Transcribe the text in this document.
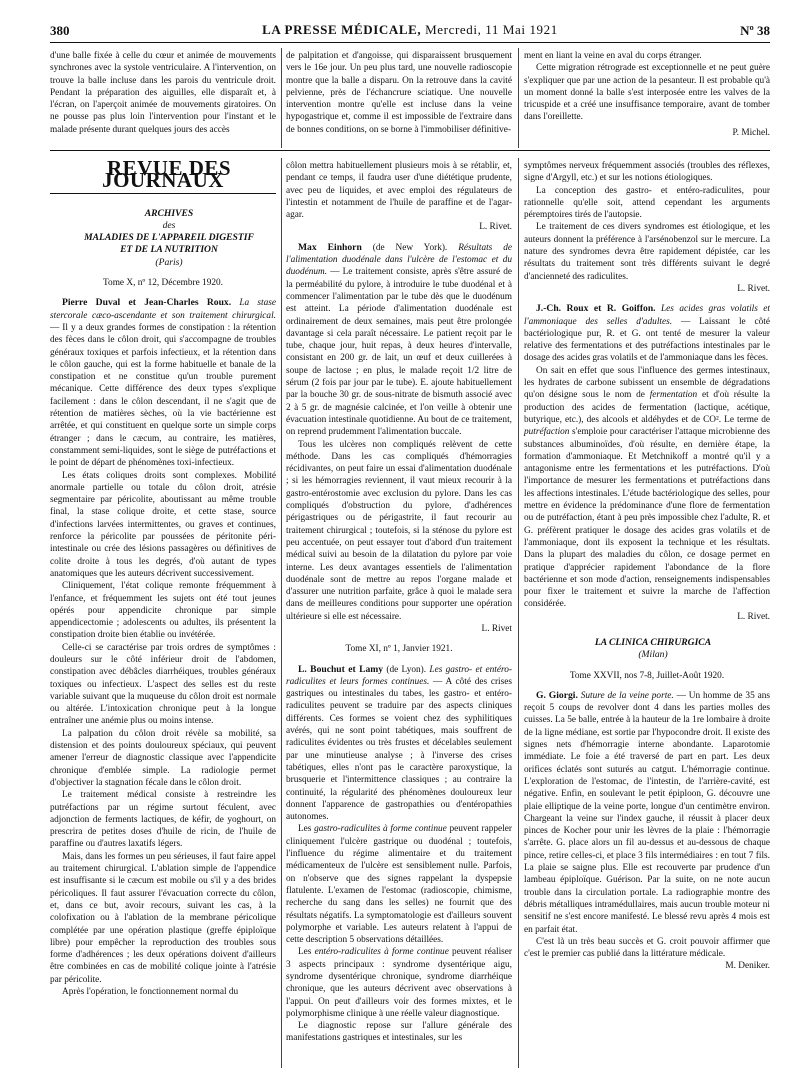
380	LA PRESSE MÉDICALE, Mercredi, 11 Mai 1921	Nº 38

d'une balle fixée à celle du cœur et animée de mouvements synchrones avec la systole ventriculaire. A l'intervention, on trouve la balle incluse dans les parois du ventricule droit. Pendant la préparation des aiguilles, elle disparaît et, à l'écran, on l'aperçoit animée de mouvements giratoires. On ne pousse pas plus loin l'intervention pour l'instant et le malade présente durant quelques jours des accès

de palpitation et d'angoisse, qui disparaissent brusquement vers le 16e jour. Un peu plus tard, une nouvelle radioscopie montre que la balle a disparu. On la retrouve dans la cavité pelvienne, près de l'échancrure sciatique. Une nouvelle intervention montre qu'elle est incluse dans la veine hypogastrique et, comme il est impossible de l'extraire dans de bonnes conditions, on se borne à l'immobiliser définitive-

ment en liant la veine en aval du corps étranger.

Cette migration rétrograde est exceptionnelle et ne peut guère s'expliquer que par une action de la pesanteur. Il est probable qu'à un moment donné la balle s'est interposée entre les valves de la tricuspide et a créé une insuffisance temporaire, avant de tomber dans l'oreillette.

P. Michel.

REVUE DES JOURNAUX

ARCHIVES

des

MALADIES DE L'APPAREIL DIGESTIF

ET DE LA NUTRITION

(Paris)

Tome X, nº 12, Décembre 1920.

Pierre Duval et Jean-Charles Roux. La stase stercorale cæco-ascendante et son traitement chirurgical. — Il y a deux grandes formes de constipation : la rétention des fèces dans le côlon droit, qui s'accompagne de troubles généraux toxiques et parfois infectieux, et la rétention dans le côlon gauche, qui est la forme habituelle et banale de la constipation et ne constitue qu'un trouble purement mécanique. Cette différence des deux types s'explique facilement : dans le côlon descendant, il ne s'agit que de rétention de matières sèches, où la vie bactérienne est arrêtée, et qui constituent en quelque sorte un simple corps étranger ; dans le cæcum, au contraire, les matières, constamment semi-liquides, sont le siège de putréfactions et le point de départ de phénomènes toxi-infectieux.

Les états coliques droits sont complexes. Mobilité anormale partielle ou totale du côlon droit, atrésie segmentaire par péricolite, aboutissant au même trouble final, la stase colique droite, et cette stase, source d'infections larvées intermittentes, ou graves et continues, renforce la péricolite par poussées de péritonite péri-intestinale ou crée des lésions passagères ou définitives de colite droite à tous les degrés, d'où autant de types anatomiques que les auteurs décrivent successivement.

Cliniquement, l'état colique remonte fréquemment à l'enfance, et fréquemment les sujets ont été tout jeunes opérés pour appendicite chronique par simple appendicectomie ; adolescents ou adultes, ils présentent la constipation droite bien établie ou invétérée.

Celle-ci se caractérise par trois ordres de symptômes : douleurs sur le côté inférieur droit de l'abdomen, constipation avec débâcles diarrhéiques, troubles généraux toxiques ou infectieux. L'aspect des selles est du reste variable suivant que la muqueuse du côlon droit est normale ou altérée. L'intoxication chronique peut à la longue entraîner une anémie plus ou moins intense.

La palpation du côlon droit révèle sa mobilité, sa distension et des points douloureux spéciaux, qui peuvent amener l'erreur de diagnostic classique avec l'appendicite chronique d'emblée simple. La radiologie permet d'objectiver la stagnation fécale dans le côlon droit.

Le traitement médical consiste à restreindre les putréfactions par un régime surtout féculent, avec adjonction de ferments lactiques, de kéfir, de yoghourt, on prescrira de petites doses d'huile de ricin, de l'huile de paraffine ou d'autres laxatifs légers.

Mais, dans les formes un peu sérieuses, il faut faire appel au traitement chirurgical. L'ablation simple de l'appendice est insuffisante si le cæcum est mobile ou s'il y a des brides péricoliques. Il faut assurer l'évacuation correcte du côlon, et, dans ce but, avoir recours, suivant les cas, à la colofixation ou à l'ablation de la membrane péricolique complétée par une opération plastique (greffe épiploïque libre) pour empêcher la reproduction des troubles sous forme d'adhérences ; les deux opérations doivent d'ailleurs être combinées en cas de mobilité colique jointe à l'atrésie par péricolite.

Après l'opération, le fonctionnement normal du

côlon mettra habituellement plusieurs mois à se rétablir, et, pendant ce temps, il faudra user d'une diététique prudente, avec peu de liquides, et avec emploi des régulateurs de l'intestin et notamment de l'huile de paraffine et de l'agar-agar.

L. Rivet.

Max Einhorn (de New York). Résultats de l'alimentation duodénale dans l'ulcère de l'estomac et du duodénum. — Le traitement consiste, après s'être assuré de la perméabilité du pylore, à introduire le tube duodénal et à commencer l'alimentation par le tube dès que le duodénum est atteint. La période d'alimentation duodénale est ordinairement de deux semaines, mais peut être prolongée davantage si cela paraît nécessaire. Le patient reçoit par le tube, chaque jour, huit repas, à deux heures d'intervalle, consistant en 200 gr. de lait, un œuf et deux cuillerées à soupe de lactose ; en plus, le malade reçoit 1/2 litre de sérum (2 fois par jour par le tube). E. ajoute habituellement par la bouche 30 gr. de sous-nitrate de bismuth associé avec 2 à 5 gr. de magnésie calcinée, et l'on veille à obtenir une évacuation intestinale quotidienne. Au bout de ce traitement, on reprend prudemment l'alimentation buccale.

Tous les ulcères non compliqués relèvent de cette méthode. Dans les cas compliqués d'hémorragies récidivantes, on peut faire un essai d'alimentation duodénale ; si les hémorragies reviennent, il vaut mieux recourir à la gastro-entérostomie avec exclusion du pylore. Dans les cas compliqués d'obstruction du pylore, d'adhérences périgastriques ou de périgastrite, il faut recourir au traitement chirurgical ; toutefois, si la sténose du pylore est peu accentuée, on peut essayer tout d'abord d'un traitement médical suivi au besoin de la dilatation du pylore par voie interne. Les deux avantages essentiels de l'alimentation duodénale sont de mettre au repos l'organe malade et d'assurer une nutrition parfaite, grâce à quoi le malade sera dans de meilleures conditions pour supporter une opération ultérieure si elle est nécessaire.

L. Rivet

Tome XI, nº 1, Janvier 1921.

L. Bouchut et Lamy (de Lyon). Les gastro- et entéro-radiculites et leurs formes continues. — A côté des crises gastriques ou intestinales du tabes, les gastro- et entéro-radiculites peuvent se traduire par des aspects cliniques différents. Ces formes se voient chez des syphilitiques avérés, qui ne sont point tabétiques, mais souffrent de radiculites évidentes ou très frustes et décelables seulement par une minutieuse analyse ; à l'inverse des crises tabétiques, elles n'ont pas le caractère paroxystique, la brusquerie et l'intermittence classiques ; au contraire la continuité, la régularité des phénomènes douloureux leur donnent l'apparence de gastropathies ou d'entéropathies autonomes.

Les gastro-radiculites à forme continue peuvent rappeler cliniquement l'ulcère gastrique ou duodénal ; toutefois, l'influence du régime alimentaire et du traitement médicamenteux de l'ulcère est sensiblement nulle. Parfois, on n'observe que des signes rappelant la dyspepsie flatulente. L'examen de l'estomac (radioscopie, chimisme, recherche du sang dans les selles) ne fournit que des résultats négatifs. La symptomatologie est d'ailleurs souvent polymorphe et variable. Les auteurs relatent à l'appui de cette description 5 observations détaillées.

Les entéro-radiculites à forme continue peuvent réaliser 3 aspects principaux : syndrome dysentérique aigu, syndrome dysentérique chronique, syndrome diarrhéique chronique, que les auteurs décrivent avec observations à l'appui. On peut d'ailleurs voir des formes mixtes, et le polymorphisme clinique à une réelle valeur diagnostique.

Le diagnostic repose sur l'allure générale des manifestations gastriques et intestinales, sur les

symptômes nerveux fréquemment associés (troubles des réflexes, signe d'Argyll, etc.) et sur les notions étiologiques.

La conception des gastro- et entéro-radiculites, pour rationnelle qu'elle soit, attend cependant les arguments péremptoires tirés de l'autopsie.

Le traitement de ces divers syndromes est étiologique, et les auteurs donnent la préférence à l'arsénobenzol sur le mercure. La nature des syndromes devra être rapidement dépistée, car les résultats du traitement sont très différents suivant le degré d'ancienneté des radiculites.

L. Rivet.

J.-Ch. Roux et R. Goiffon. Les acides gras volatils et l'ammoniaque des selles d'adultes. — Laissant le côté bactériologique pur, R. et G. ont tenté de mesurer la valeur relative des fermentations et des putréfactions intestinales par le dosage des acides gras volatils et de l'ammoniaque dans les fèces.

On sait en effet que sous l'influence des germes intestinaux, les hydrates de carbone subissent un ensemble de dégradations qu'on désigne sous le nom de fermentation et d'où résulte la production des acides de fermentation (lactique, acétique, butyrique, etc.), des alcools et aldéhydes et de CO². Le terme de putréfaction s'emploie pour caractériser l'attaque microbienne des substances albuminoïdes, d'où résulte, en dernière étape, la formation d'ammoniaque. Et Metchnikoff a montré qu'il y a antagonisme entre les fermentations et les putréfactions. D'où l'importance de mesurer les fermentations et putréfactions dans les affections intestinales. L'étude bactériologique des selles, pour mettre en évidence la prédominance d'une flore de fermentation ou de putréfaction, étant à peu près impossible chez l'adulte, R. et G. préfèrent pratiquer le dosage des acides gras volatils et de l'ammoniaque, dont ils exposent la technique et les résultats. Dans la plupart des maladies du côlon, ce dosage permet en pratique d'apprécier rapidement l'abondance de la flore bactérienne et son mode d'action, renseignements indispensables pour fixer le traitement et suivre la marche de l'affection considérée.

L. Rivet.

LA CLINICA CHIRURGICA

(Milan)

Tome XXVII, nos 7-8, Juillet-Août 1920.

G. Giorgi. Suture de la veine porte. — Un homme de 35 ans reçoit 5 coups de revolver dont 4 dans les parties molles des cuisses. La 5e balle, entrée à la hauteur de la 1re lombaire à droite de la ligne médiane, est sortie par l'hypocondre droit. Il existe des signes nets d'hémorragie interne abondante. Laparotomie immédiate. Le foie a été traversé de part en part. Les deux orifices éclatés sont suturés au catgut. L'hémorragie continue. L'exploration de l'estomac, de l'intestin, de l'arrière-cavité, est négative. Enfin, en soulevant le petit épiploon, G. découvre une plaie elliptique de la veine porte, longue d'un centimètre environ. Chargeant la veine sur l'index gauche, il réussit à placer deux pinces de Kocher pour unir les lèvres de la plaie : l'hémorragie s'arrête. G. place alors un fil au-dessus et au-dessous de chaque pince, retire celles-ci, et place 3 fils intermédiaires : en tout 7 fils. La plaie se saigne plus. Elle est recouverte par prudence d'un lambeau épiploïque. Guérison. Par la suite, on ne note aucun trouble dans la circulation portale. La radiographie montre des débris métalliques intramédullaires, mais aucun trouble moteur ni sensitif ne s'est encore manifesté. Le blessé revu après 4 mois est en parfait état.

C'est là un très beau succès et G. croit pouvoir affirmer que c'est le premier cas publié dans la littérature médicale.

M. Deniker.
